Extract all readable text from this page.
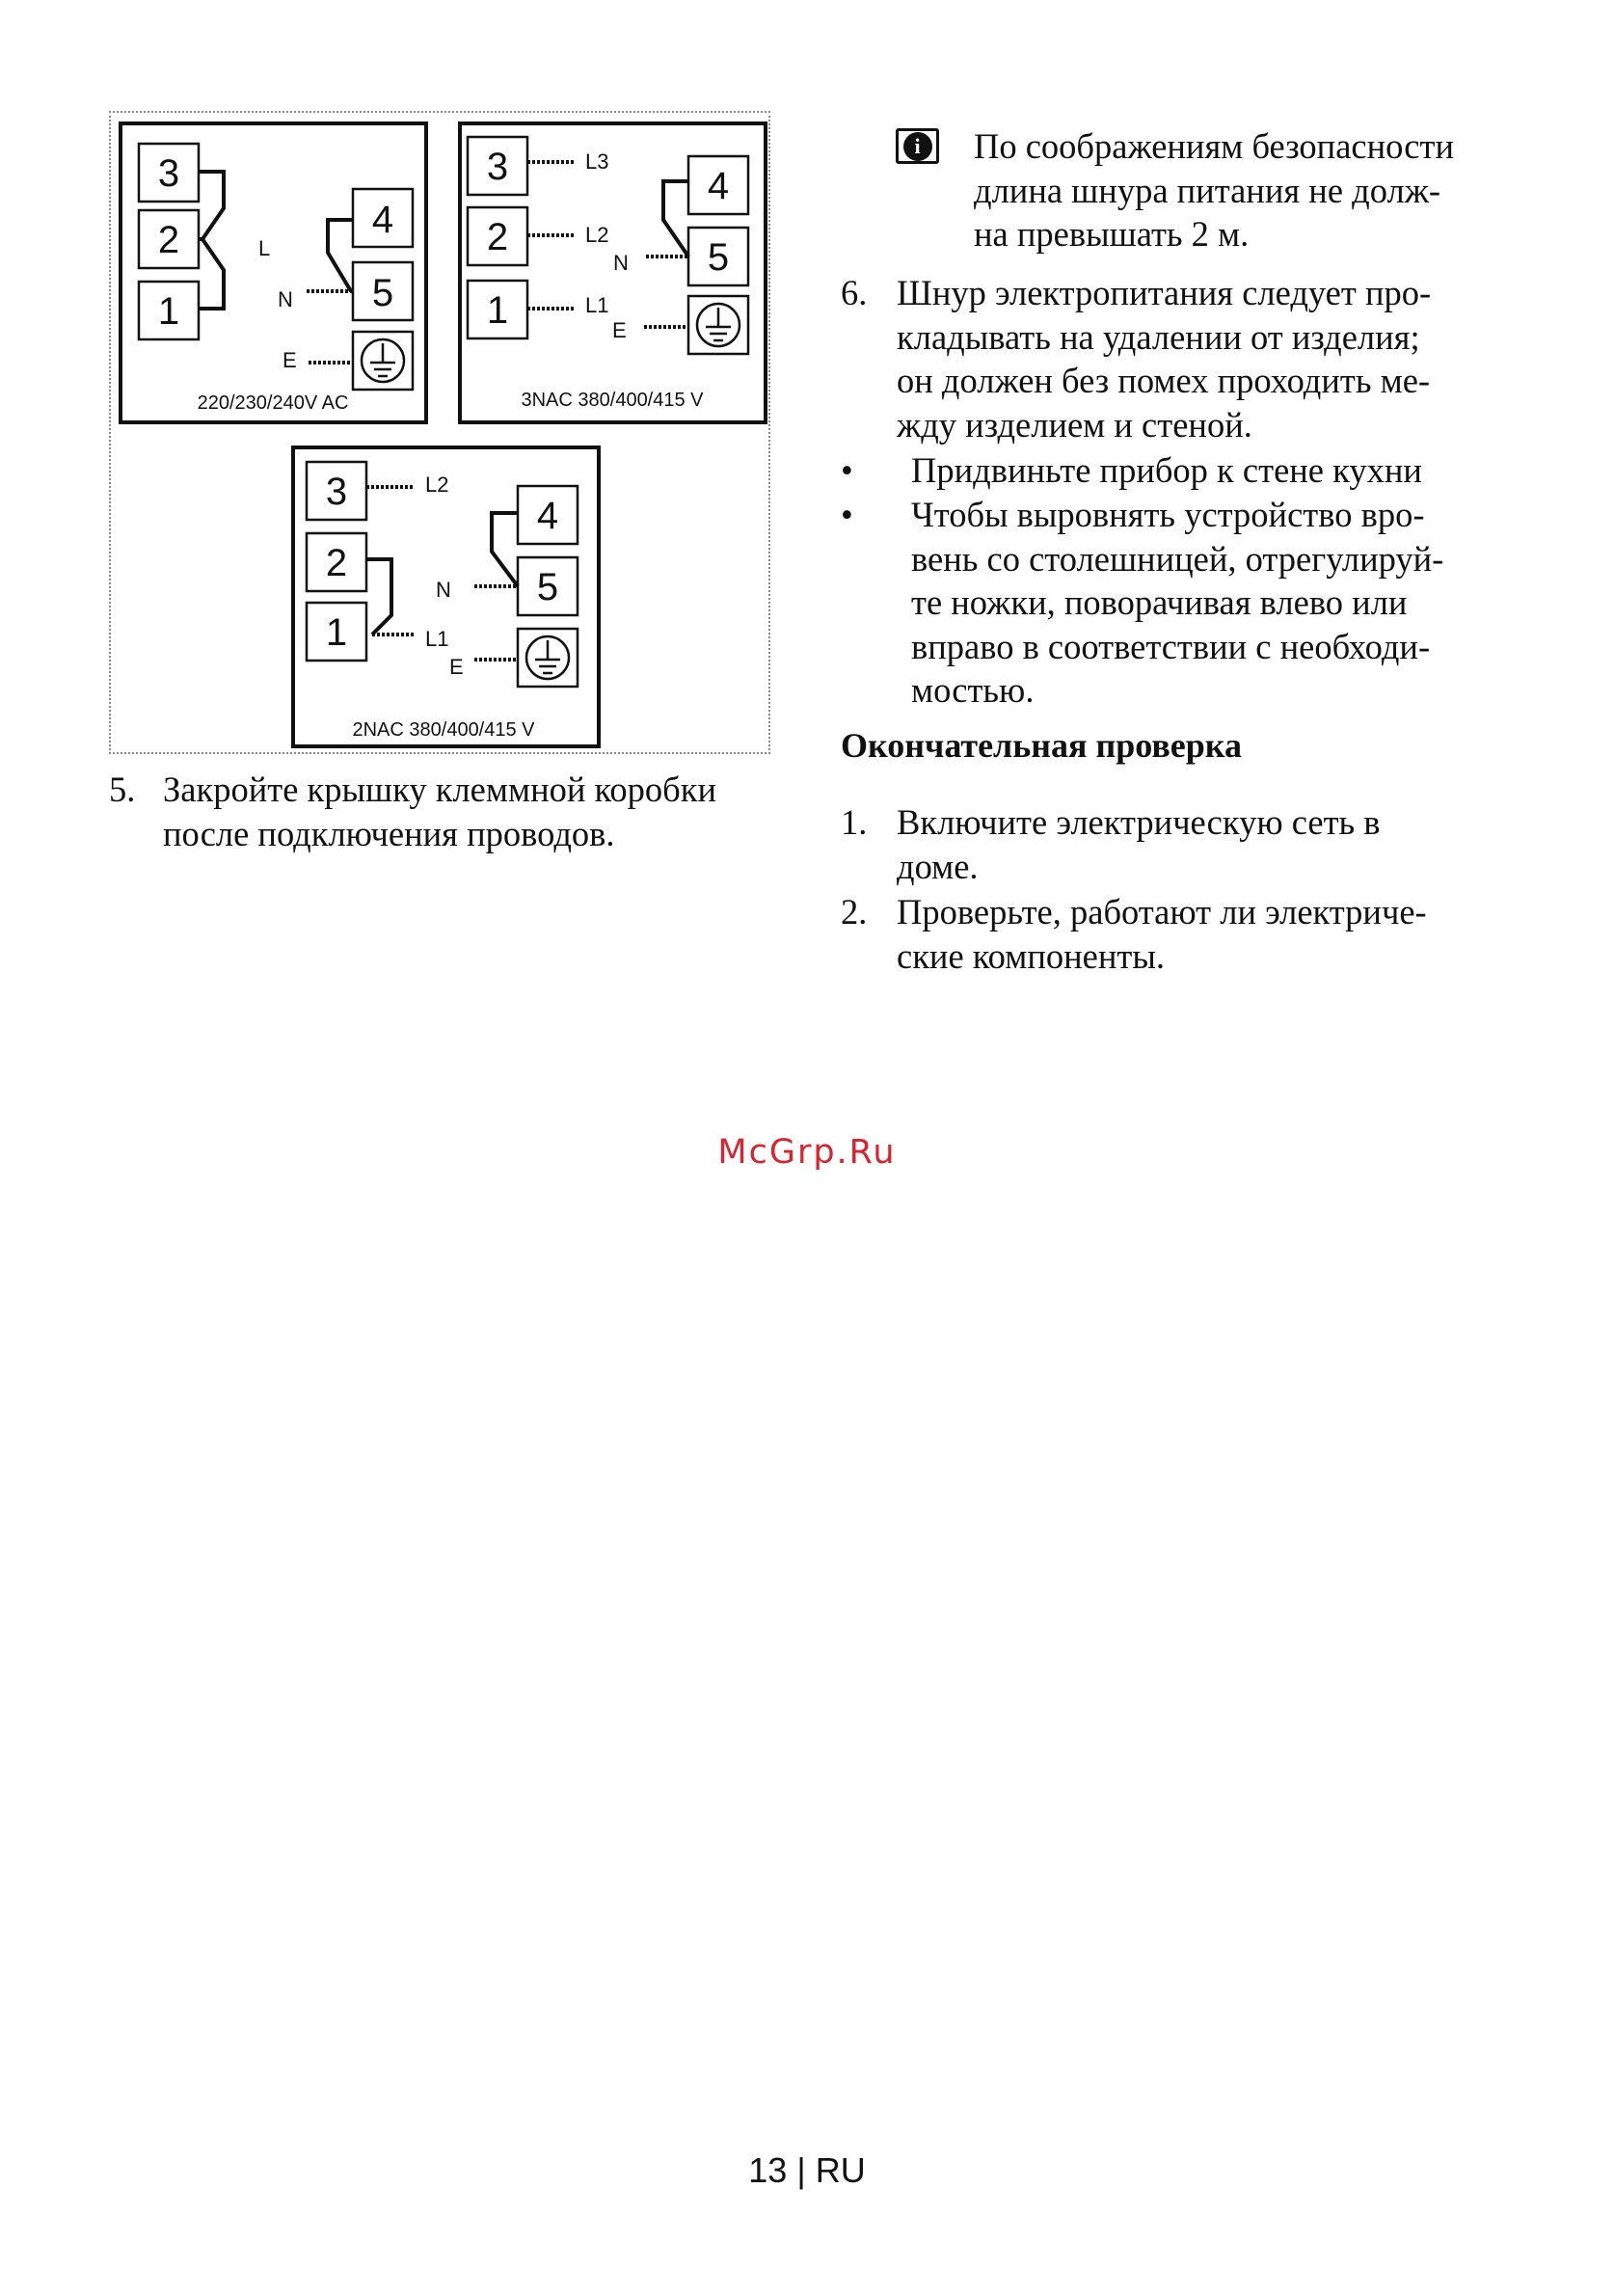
3
2
1
L
4
5
N
E
220/230/240V AC
3
2
1
L3
L2
L1
4
5
N
E
3NAC 380/400/415 V
3
2
1
L2
L1
4
5
N
E
2NAC 380/400/415 V
5. Закройте крышку клеммной коробки
после подключения проводов.
i	По соображениям безопасности
длина шнура питания не долж-
на превышать 2 м.
6. Шнур электропитания следует про-
кладывать на удалении от изделия;
он должен без помех проходить ме-
жду изделием и стеной.
• Придвиньте прибор к стене кухни
• Чтобы выровнять устройство вро-
вень со столешницей, отрегулируй-
те ножки, поворачивая влево или
вправо в соответствии с необходи-
мостью.
Окончательная проверка
1. Включите электрическую сеть в
доме.
2. Проверьте, работают ли электриче-
ские компоненты.
McGrp.Ru
13 | RU
